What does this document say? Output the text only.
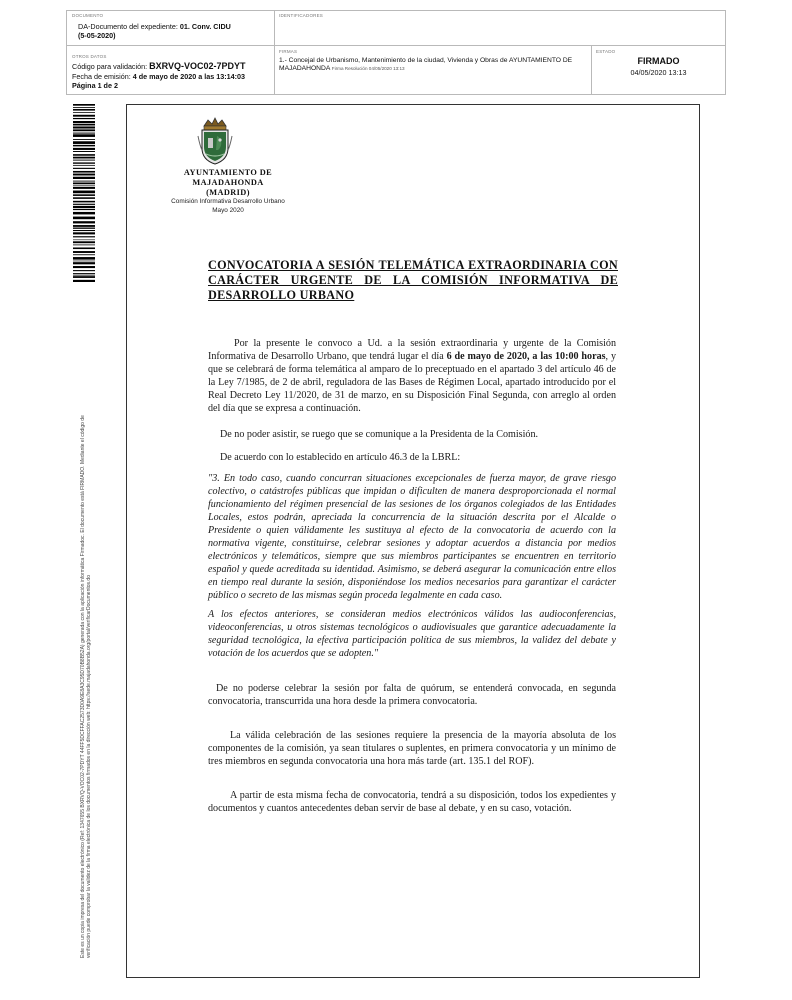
DOCUMENTO
DA-Documento del expediente: 01. Conv. CIDU
(5-05-2020)
IDENTIFICADORES
OTROS DATOS
Código para validación: BXRVQ-VOC02-7PDYT
Fecha de emisión: 4 de mayo de 2020 a las 13:14:03
Página 1 de 2
FIRMAS
1.- Concejal de Urbanismo, Mantenimiento de la ciudad, Vivienda y Obras de AYUNTAMIENTO DE
MAJADAHONDA Firma Resolución 04/05/2020 13:13
ESTADO
FIRMADO
04/05/2020 13:13
Este es un copia impresa del documento electrónico (Ref: 1347655 BXRVQ-VOC02-7PDYT 44FF5DCFFAC2573D0A9E8A3C95D70B8B52A) generada con la aplicación informática Firmadoc. El documento está FIRMADO. Mediante el código de verificación puede comprobar la validez de la firma electrónica de los documentos firmados en la dirección web: https://sede.majadahonda.org/portal/verificarDocumentos.do
AYUNTAMIENTO DE
MAJADAHONDA
(MADRID)
Comisión Informativa Desarrollo Urbano
Mayo 2020
CONVOCATORIA A SESIÓN TELEMÁTICA EXTRAORDINARIA CON CARÁCTER URGENTE DE LA COMISIÓN INFORMATIVA DE DESARROLLO URBANO
Por la presente le convoco a Ud. a la sesión extraordinaria y urgente de la Comisión Informativa de Desarrollo Urbano, que tendrá lugar el día 6 de mayo de 2020, a las 10:00 horas, y que se celebrará de forma telemática al amparo de lo preceptuado en el apartado 3 del artículo 46 de la Ley 7/1985, de 2 de abril, reguladora de las Bases de Régimen Local, apartado introducido por el Real Decreto Ley 11/2020, de 31 de marzo, en su Disposición Final Segunda, con arreglo al orden del día que se expresa a continuación.
De no poder asistir, se ruego que se comunique a la Presidenta de la Comisión.
De acuerdo con lo establecido en artículo 46.3 de la LBRL:
"3. En todo caso, cuando concurran situaciones excepcionales de fuerza mayor, de grave riesgo colectivo, o catástrofes públicas que impidan o dificulten de manera desproporcionada el normal funcionamiento del régimen presencial de las sesiones de los órganos colegiados de las Entidades Locales, estos podrán, apreciada la concurrencia de la situación descrita por el Alcalde o Presidente o quien válidamente les sustituya al efecto de la convocatoria de acuerdo con la normativa vigente, constituirse, celebrar sesiones y adoptar acuerdos a distancia por medios electrónicos y telemáticos, siempre que sus miembros participantes se encuentren en territorio español y quede acreditada su identidad. Asimismo, se deberá asegurar la comunicación entre ellos en tiempo real durante la sesión, disponiéndose los medios necesarios para garantizar el carácter público o secreto de las mismas según proceda legalmente en cada caso.
A los efectos anteriores, se consideran medios electrónicos válidos las audioconferencias, videoconferencias, u otros sistemas tecnológicos o audiovisuales que garantice adecuadamente la seguridad tecnológica, la efectiva participación política de sus miembros, la validez del debate y votación de los acuerdos que se adopten."
De no poderse celebrar la sesión por falta de quórum, se entenderá convocada, en segunda convocatoria, transcurrida una hora desde la primera convocatoria.
La válida celebración de las sesiones requiere la presencia de la mayoría absoluta de los componentes de la comisión, ya sean titulares o suplentes, en primera convocatoria y un mínimo de tres miembros en segunda convocatoria una hora más tarde (art. 135.1 del ROF).
A partir de esta misma fecha de convocatoria, tendrá a su disposición, todos los expedientes y documentos y cuantos antecedentes deban servir de base al debate, y en su caso, votación.
